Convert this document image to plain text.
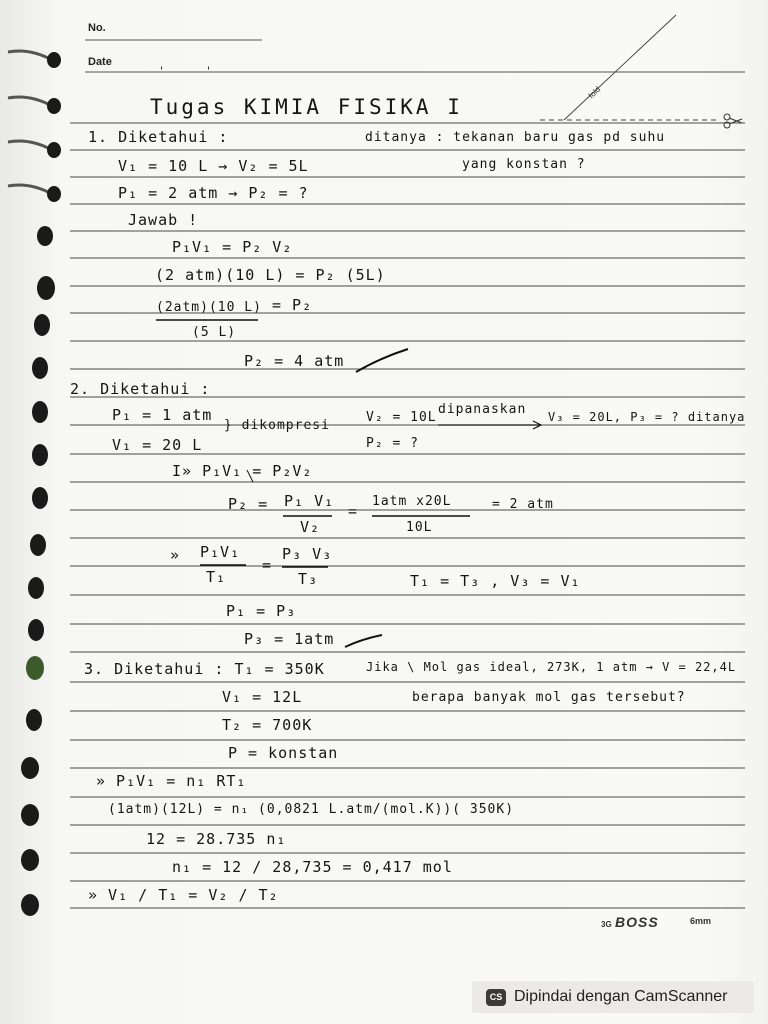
No.
Date
fold
Tugas KIMIA FISIKA I
1. Diketahui :	ditanya : tekanan baru gas pd suhu
yang konstan ?
V₁ = 10 L → V₂ = 5L
P₁ = 2 atm → P₂ = ?
Jawab !
P₁V₁ = P₂ V₂
(2 atm)(10 L) = P₂ (5L)
(2atm)(10 L) = P₂
(5 L)
P₂ = 4 atm
2. Diketahui :
P₁ = 1 atm
V₁ = 20 L
} dikompresi
V₂ = 10L
dipanaskan V₃ = 20L, P₃ = ? ditanya
P₂ = ?
I» P₁V₁ = P₂V₂
P₂ = P₁ V₁
V₂
=
1atm x20L
10L
= 2 atm
» P₁V₁
T₁
=
P₃ V₃
T₃	T₁ = T₃ , V₃ = V₁
P₁ = P₃
P₃ = 1atm
3. Diketahui : T₁ = 350K	Jika \ Mol gas ideal, 273K, 1 atm → V = 22,4L
berapa banyak mol gas tersebut?
V₁ = 12L
T₂ = 700K
P = konstan
» P₁V₁ = n₁ RT₁
(1atm)(12L) = n₁ (0,0821 L.atm/(mol.K))( 350K)
12 = 28.735 n₁
n₁ = 12 / 28,735 = 0,417 mol
» V₁ / T₁ = V₂ / T₂
3G BOSS	6mm
CS Dipindai dengan CamScanner
